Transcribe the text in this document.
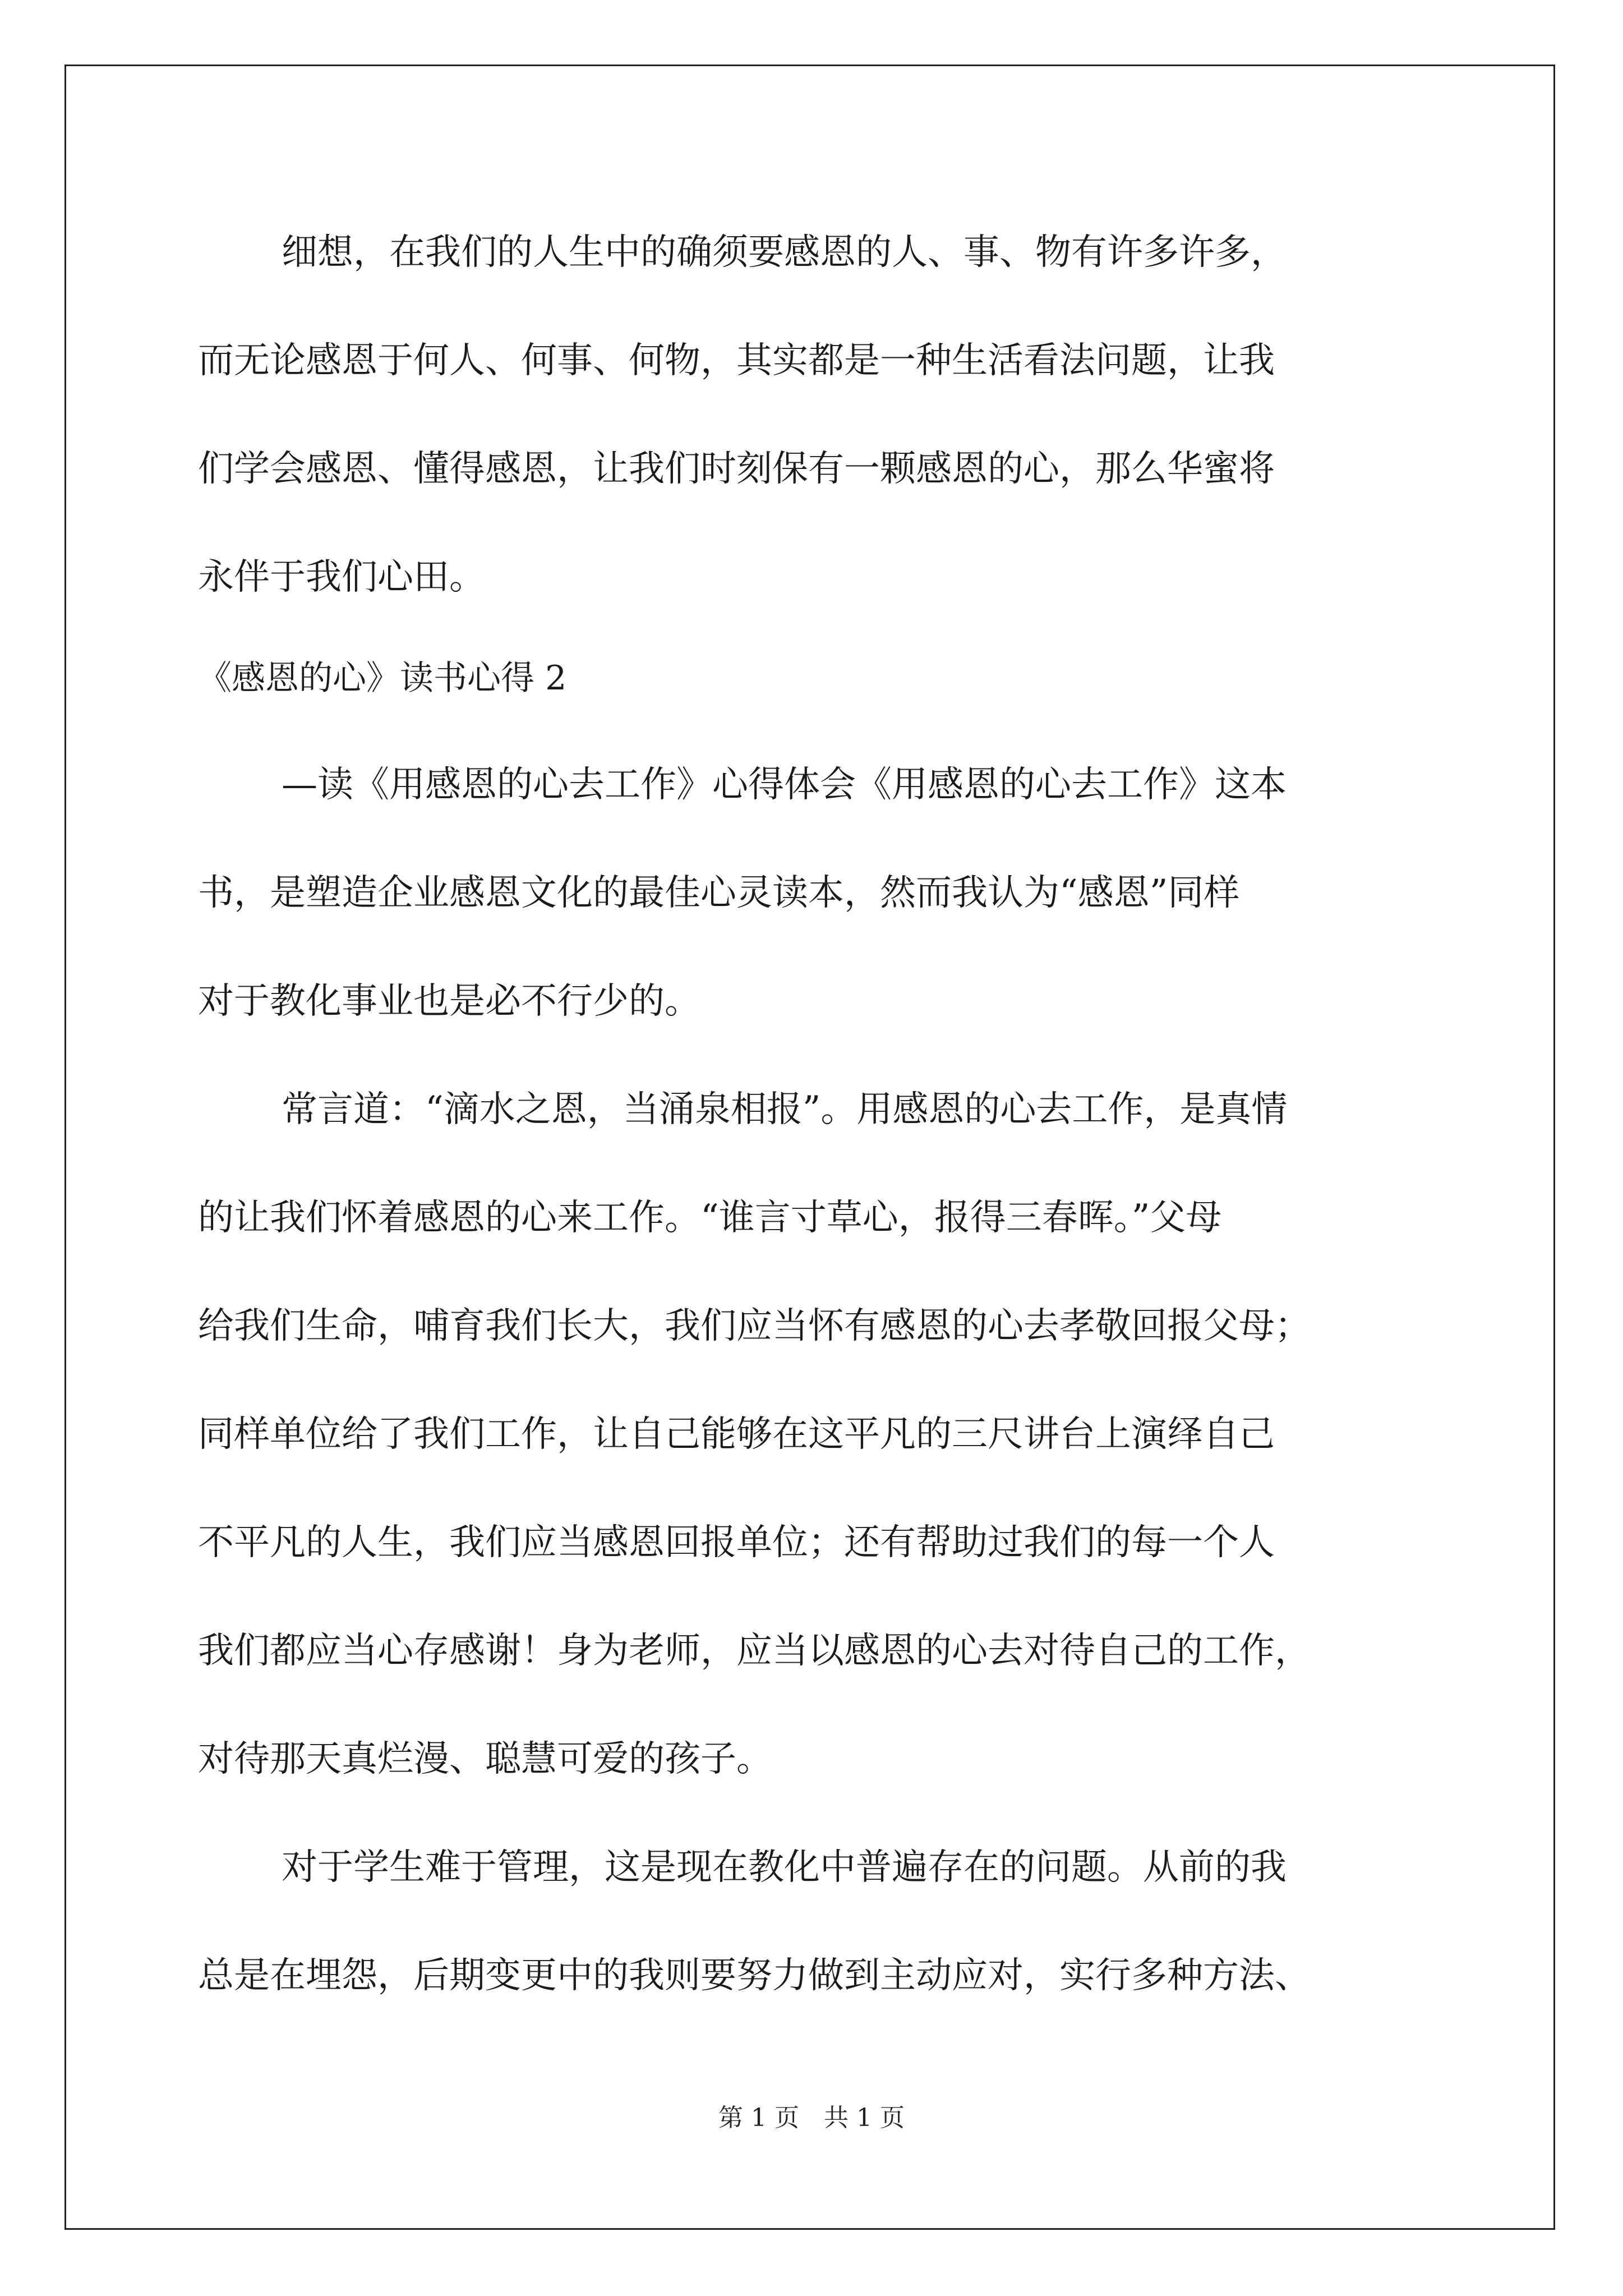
细想，在我们的人生中的确须要感恩的人、事、物有许多许多，
而无论感恩于何人、何事、何物，其实都是一种生活看法问题，让我
们学会感恩、懂得感恩，让我们时刻保有一颗感恩的心，那么华蜜将
永伴于我们心田。
《感恩的心》读书心得 2
—读《用感恩的心去工作》心得体会《用感恩的心去工作》这本
书，是塑造企业感恩文化的最佳心灵读本，然而我认为“感恩”同样
对于教化事业也是必不行少的。
常言道：“滴水之恩，当涌泉相报”。用感恩的心去工作，是真情
的让我们怀着感恩的心来工作。“谁言寸草心，报得三春晖。”父母
给我们生命，哺育我们长大，我们应当怀有感恩的心去孝敬回报父母；
同样单位给了我们工作，让自己能够在这平凡的三尺讲台上演绎自己
不平凡的人生，我们应当感恩回报单位；还有帮助过我们的每一个人
我们都应当心存感谢！身为老师，应当以感恩的心去对待自己的工作，
对待那天真烂漫、聪慧可爱的孩子。
对于学生难于管理，这是现在教化中普遍存在的问题。从前的我
总是在埋怨，后期变更中的我则要努力做到主动应对，实行多种方法、
第 1 页　共 1 页
